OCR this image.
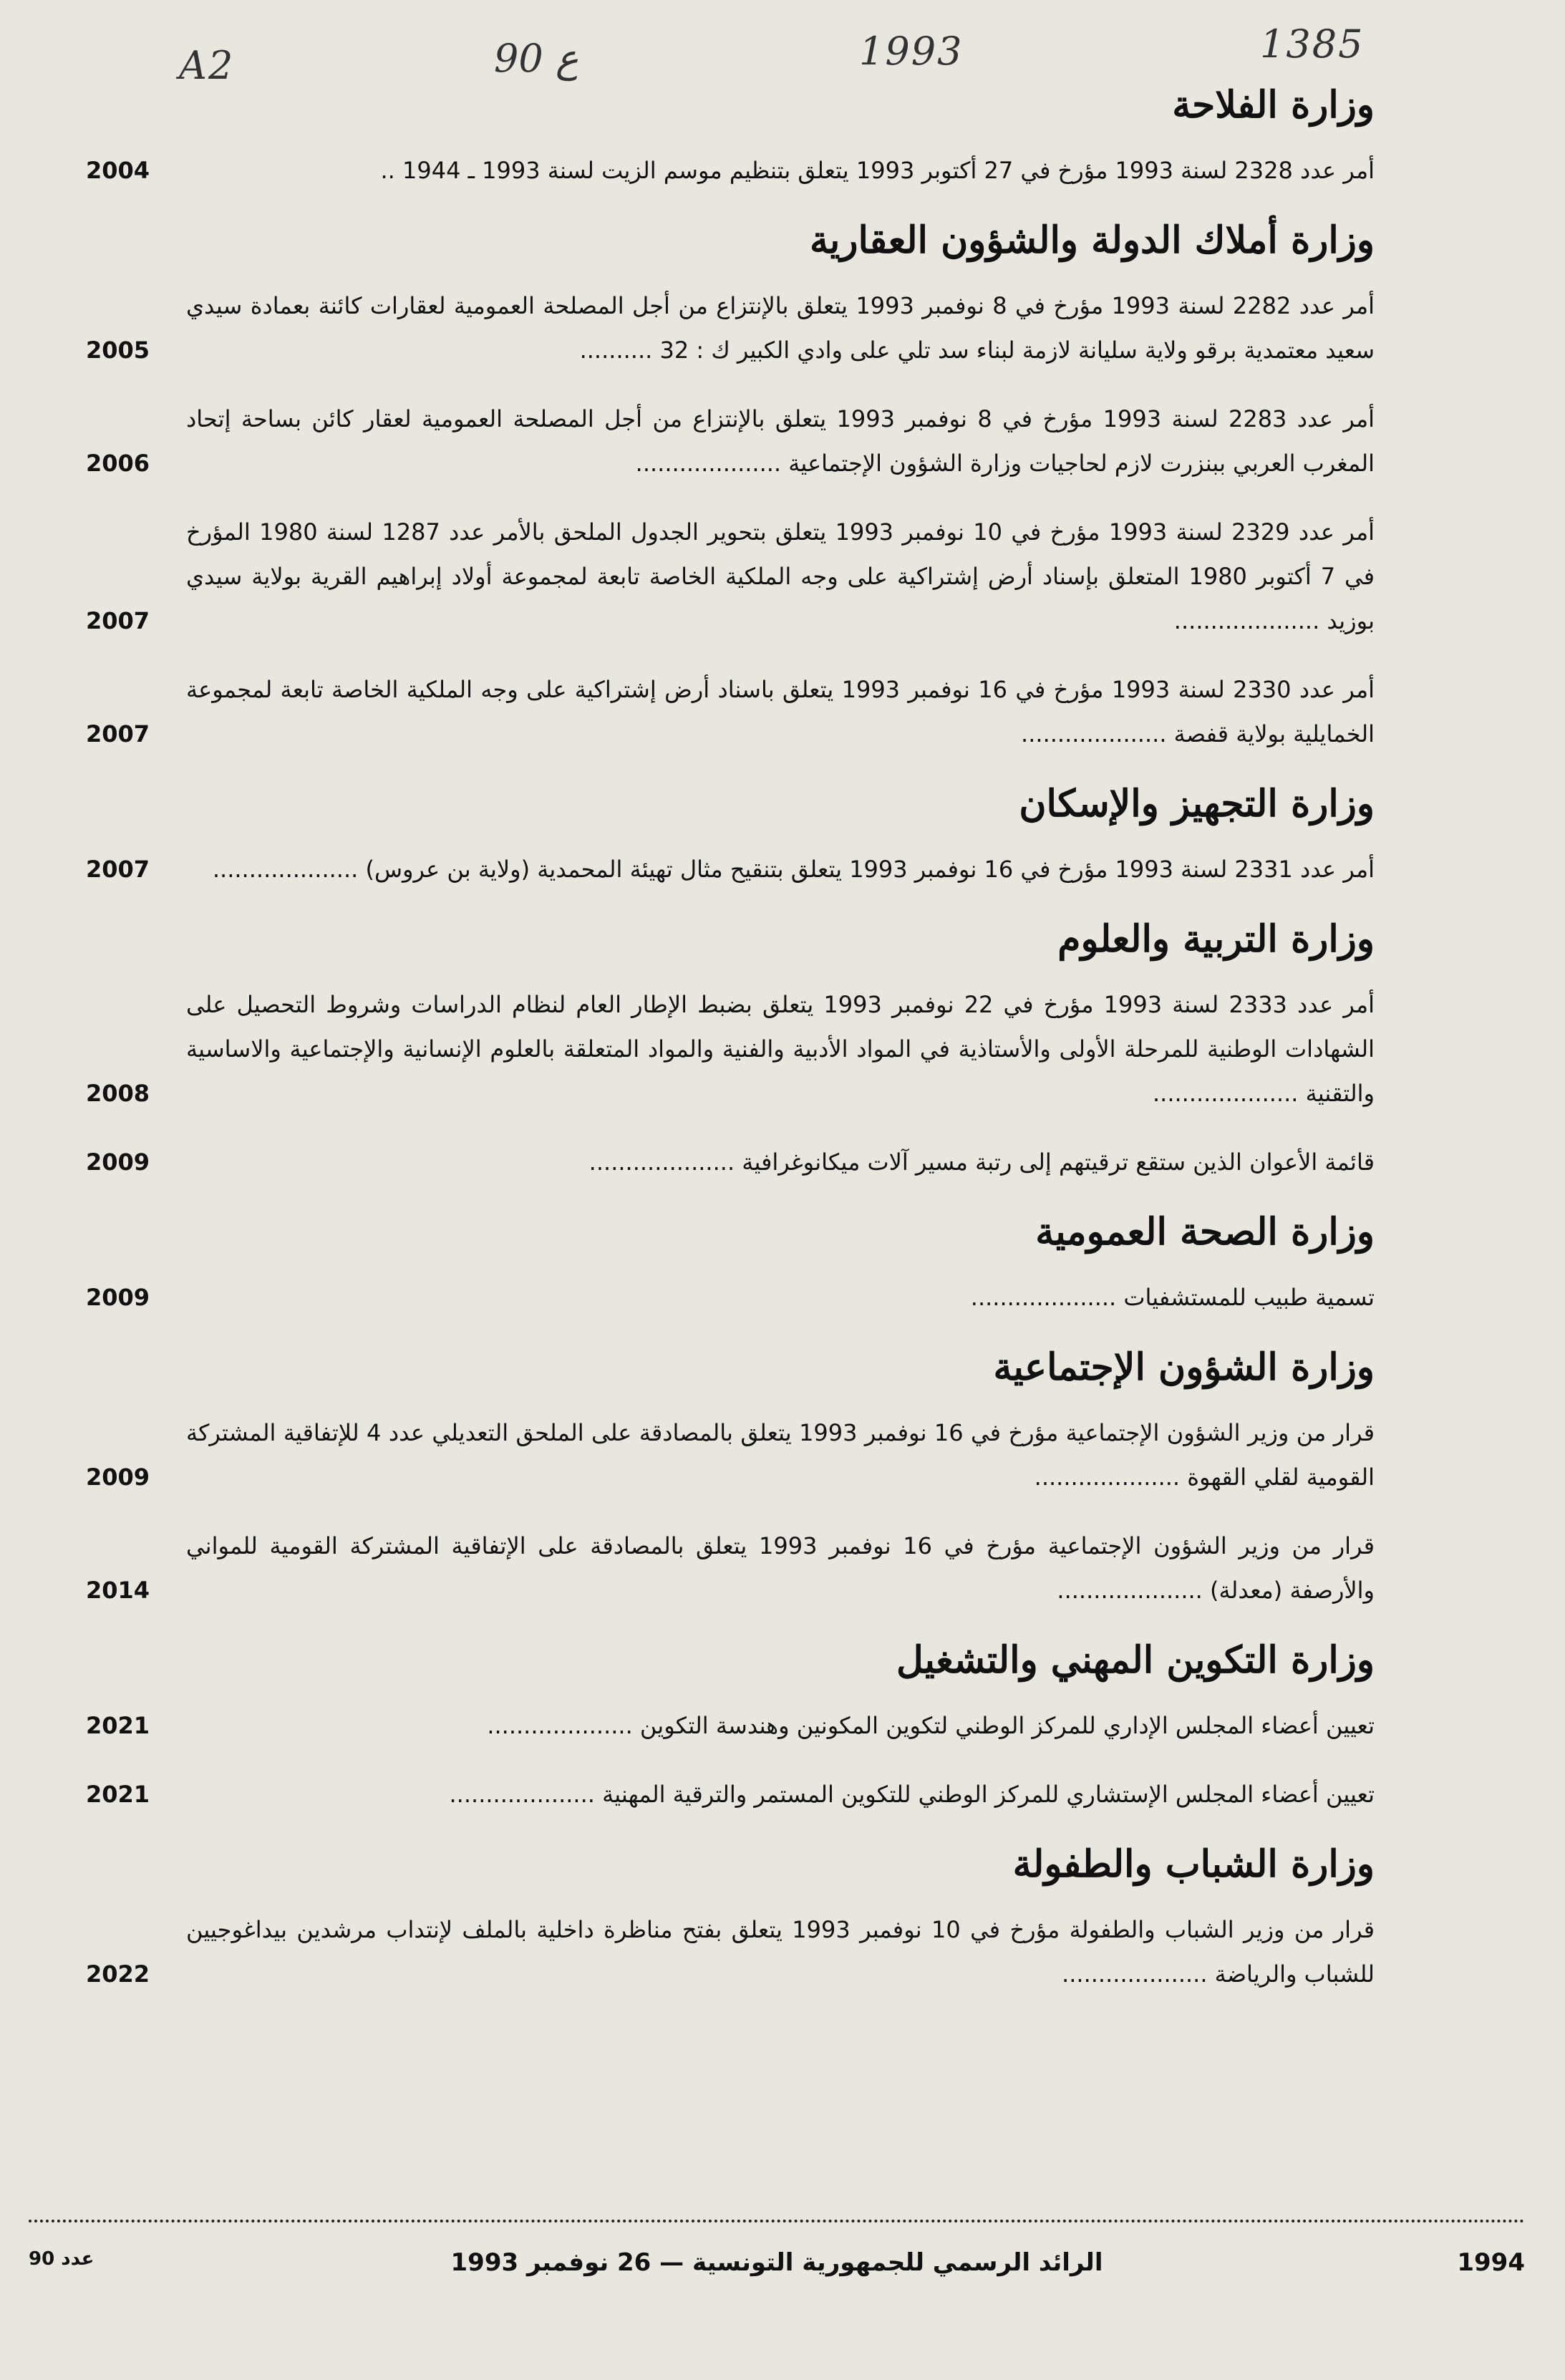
A2	90 ع	1993	1385
وزارة الفلاحة
أمر عدد 2328 لسنة 1993 مؤرخ في 27 أكتوبر 1993 يتعلق بتنظيم موسم الزيت لسنة 1993 ـ 1944 ..
2004
وزارة أملاك الدولة والشؤون العقارية
أمر عدد 2282 لسنة 1993 مؤرخ في 8 نوفمبر 1993 يتعلق بالإنتزاع من أجل المصلحة العمومية لعقارات كائنة بعمادة سيدي سعيد معتمدية برقو ولاية سليانة لازمة لبناء سد تلي على وادي الكبير ك : 32 ..........
2005
أمر عدد 2283 لسنة 1993 مؤرخ في 8 نوفمبر 1993 يتعلق بالإنتزاع من أجل المصلحة العمومية لعقار كائن بساحة إتحاد المغرب العربي ببنزرت لازم لحاجيات وزارة الشؤون الإجتماعية ....................
2006
أمر عدد 2329 لسنة 1993 مؤرخ في 10 نوفمبر 1993 يتعلق بتحوير الجدول الملحق بالأمر عدد 1287 لسنة 1980 المؤرخ في 7 أكتوبر 1980 المتعلق بإسناد أرض إشتراكية على وجه الملكية الخاصة تابعة لمجموعة أولاد إبراهيم القرية بولاية سيدي بوزيد ....................
2007
أمر عدد 2330 لسنة 1993 مؤرخ في 16 نوفمبر 1993 يتعلق باسناد أرض إشتراكية على وجه الملكية الخاصة تابعة لمجموعة الخمايلية بولاية قفصة ....................
2007
وزارة التجهيز والإسكان
أمر عدد 2331 لسنة 1993 مؤرخ في 16 نوفمبر 1993 يتعلق بتنقيح مثال تهيئة المحمدية (ولاية بن عروس) ....................
2007
وزارة التربية والعلوم
أمر عدد 2333 لسنة 1993 مؤرخ في 22 نوفمبر 1993 يتعلق بضبط الإطار العام لنظام الدراسات وشروط التحصيل على الشهادات الوطنية للمرحلة الأولى والأستاذية في المواد الأدبية والفنية والمواد المتعلقة بالعلوم الإنسانية والإجتماعية والاساسية والتقنية ....................
2008
قائمة الأعوان الذين ستقع ترقيتهم إلى رتبة مسير آلات ميكانوغرافية ....................
2009
وزارة الصحة العمومية
تسمية طبيب للمستشفيات ....................
2009
وزارة الشؤون الإجتماعية
قرار من وزير الشؤون الإجتماعية مؤرخ في 16 نوفمبر 1993 يتعلق بالمصادقة على الملحق التعديلي عدد 4 للإتفاقية المشتركة القومية لقلي القهوة ....................
2009
قرار من وزير الشؤون الإجتماعية مؤرخ في 16 نوفمبر 1993 يتعلق بالمصادقة على الإتفاقية المشتركة القومية للمواني والأرصفة (معدلة) ....................
2014
وزارة التكوين المهني والتشغيل
تعيين أعضاء المجلس الإداري للمركز الوطني لتكوين المكونين وهندسة التكوين ....................
2021
تعيين أعضاء المجلس الإستشاري للمركز الوطني للتكوين المستمر والترقية المهنية ....................
2021
وزارة الشباب والطفولة
قرار من وزير الشباب والطفولة مؤرخ في 10 نوفمبر 1993 يتعلق بفتح مناظرة داخلية بالملف لإنتداب مرشدين بيداغوجيين للشباب والرياضة ....................
2022
1994
الرائد الرسمي للجمهورية التونسية — 26 نوفمبر 1993
عدد 90
